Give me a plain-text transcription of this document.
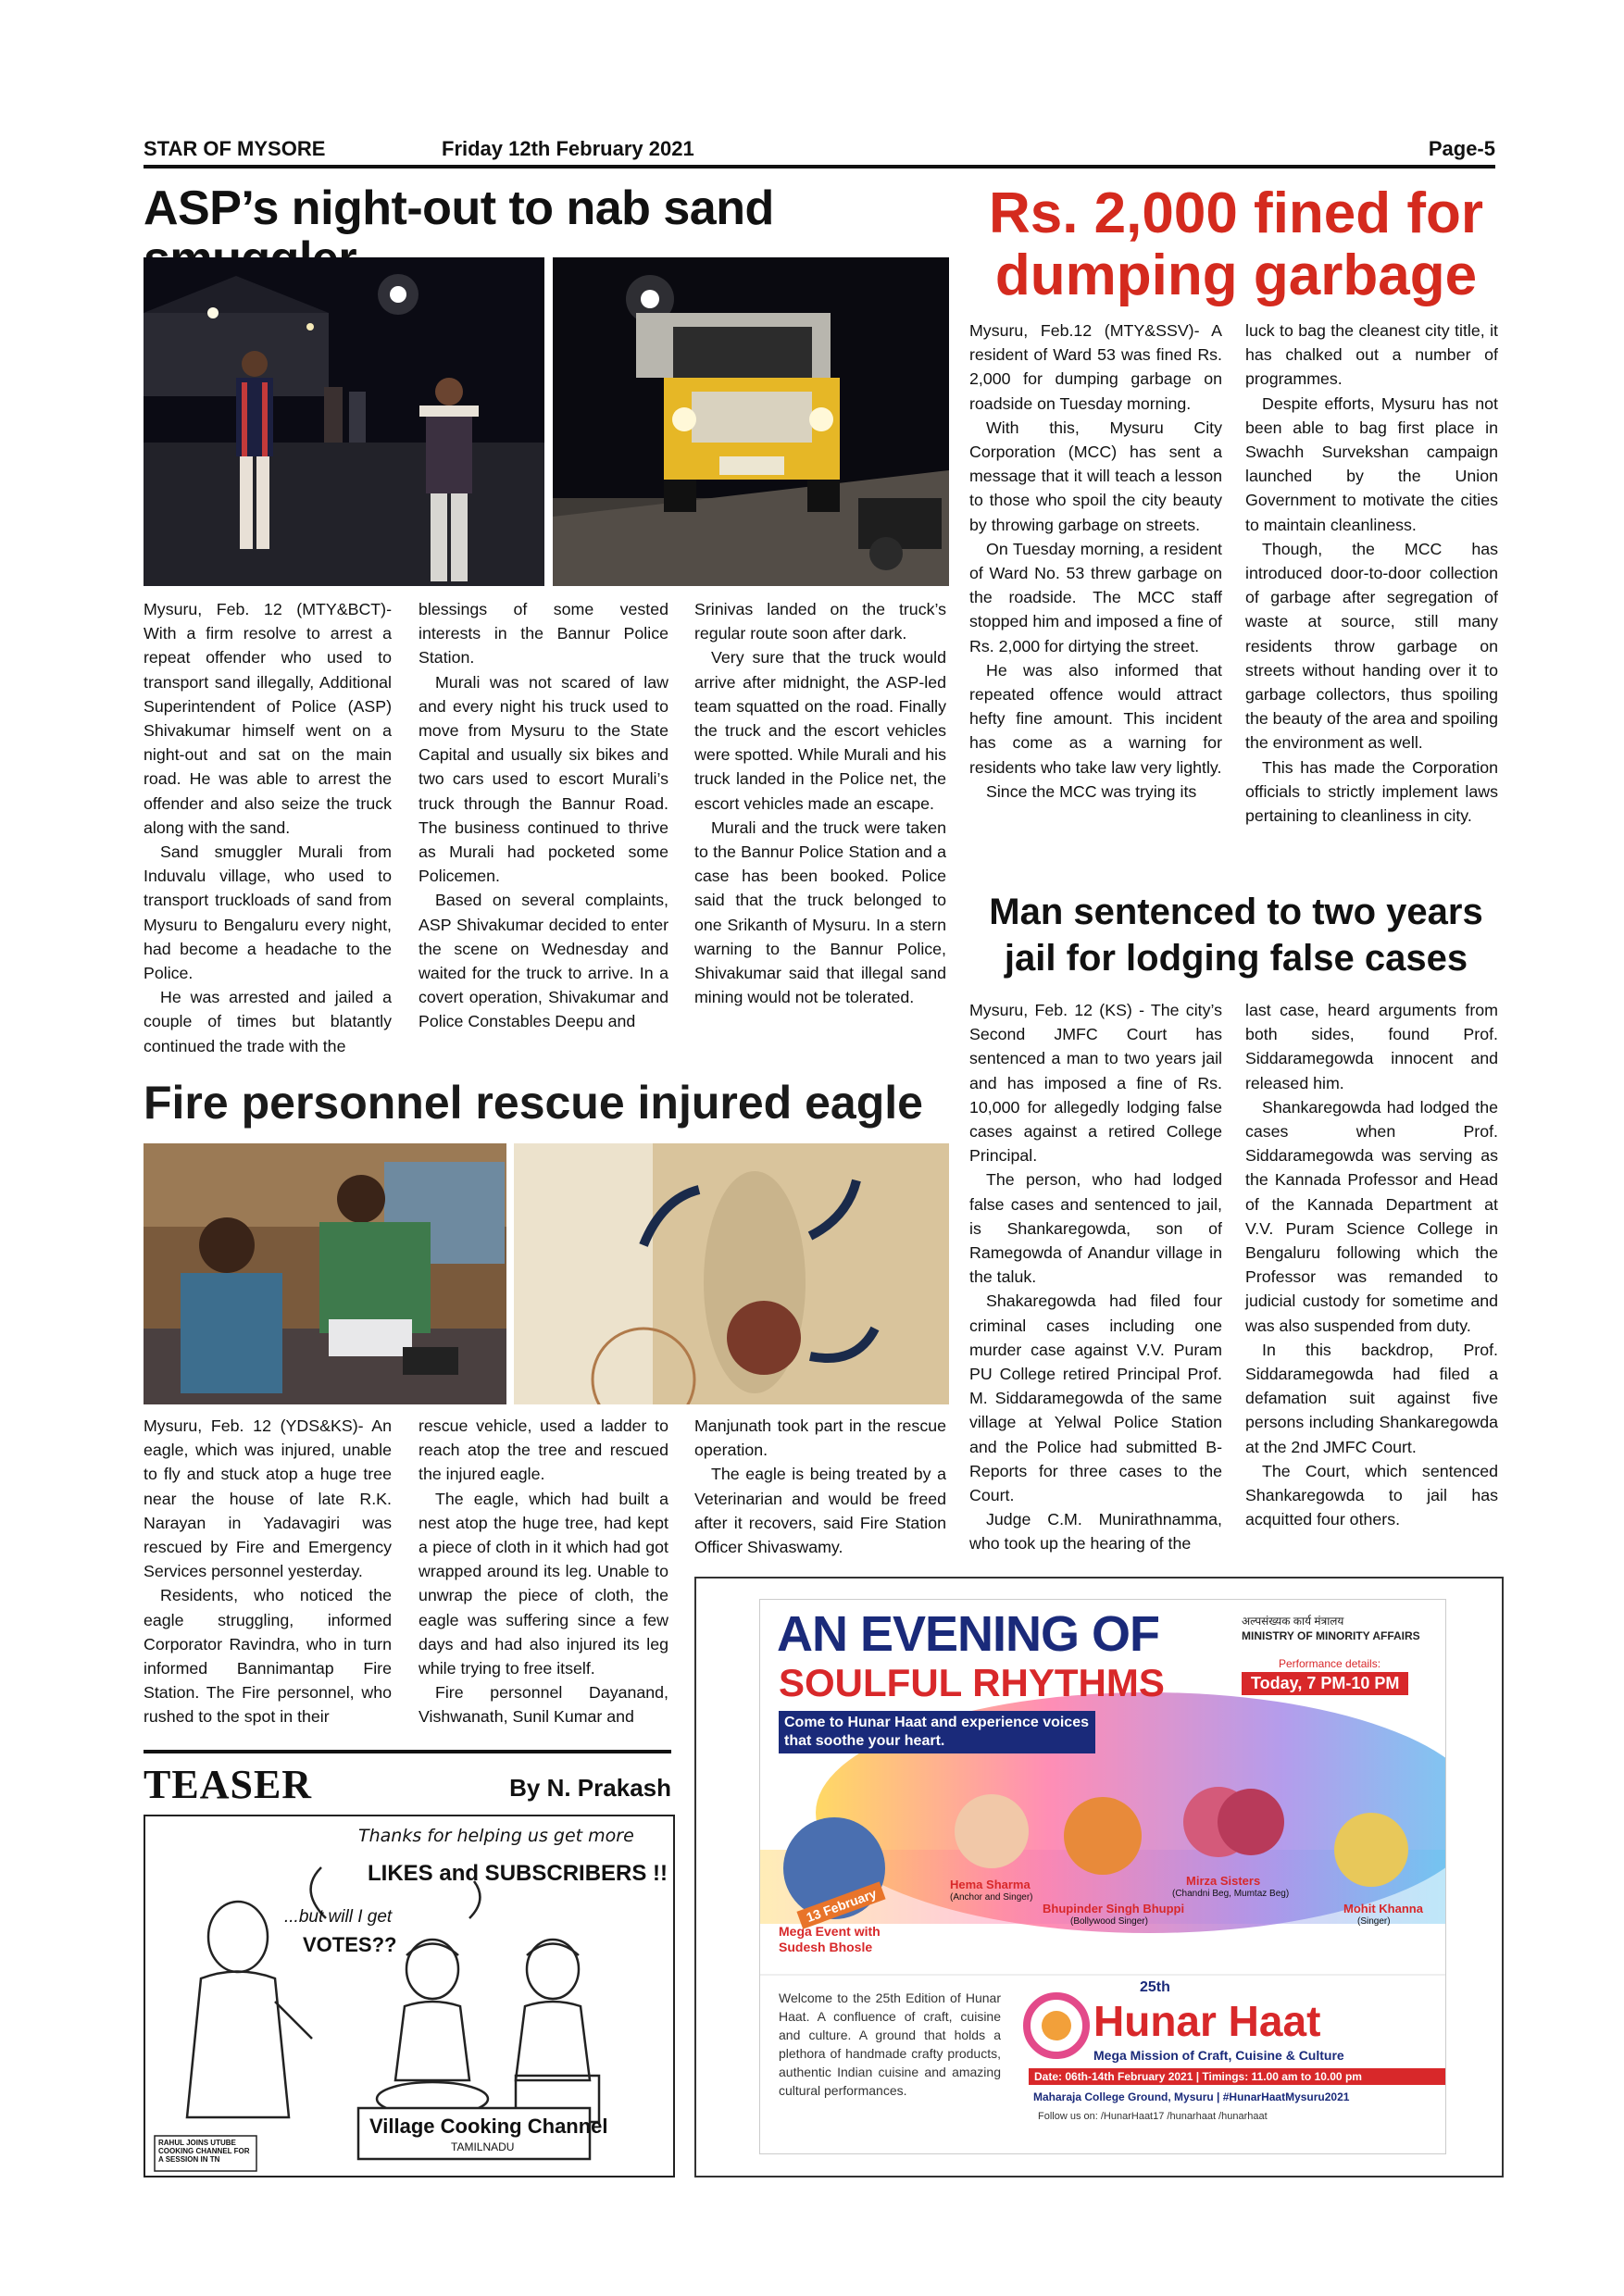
STAR OF MYSORE	Friday 12th February 2021	Page-5
ASP’s night-out to nab sand

Mysuru, Feb. 12 (MTY&BCT)- With a firm resolve to arrest a repeat offender who used to transport sand illegally, Additional Superintendent of Police (ASP) Shivakumar himself went on a night-out and sat on the main road. He was able to arrest the offender and also seize the truck along with the sand.

Sand smuggler Murali from Induvalu village, who used to transport truckloads of sand from Mysuru to Bengaluru every night, had become a headache to the Police.

He was arrested and jailed a couple of times but blatantly continued the trade with the

blessings of some vested interests in the Bannur Police Station.

Murali was not scared of law and every night his truck used to move from Mysuru to the State Capital and usually six bikes and two cars used to escort Murali’s truck through the Bannur Road. The business continued to thrive as Murali had pocketed some Policemen.

Based on several complaints, ASP Shivakumar decided to enter the scene on Wednesday and waited for the truck to arrive. In a covert operation, Shivakumar and Police Constables Deepu and

Srinivas landed on the truck’s regular route soon after dark.

Very sure that the truck would arrive after midnight, the ASP-led team squatted on the road. Finally the truck and the escort vehicles were spotted. While Murali and his truck landed in the Police net, the escort vehicles made an escape.

Murali and the truck were taken to the Bannur Police Station and a case has been booked. Police said that the truck belonged to one Srikanth of Mysuru. In a stern warning to the Bannur Police, Shivakumar said that illegal sand mining would not be tolerated.

Rs. 2,000 fined for dumping garbage

Mysuru, Feb.12 (MTY&SSV)- A resident of Ward 53 was fined Rs. 2,000 for dumping garbage on roadside on Tuesday morning.

With this, Mysuru City Corporation (MCC) has sent a message that it will teach a lesson to those who spoil the city beauty by throwing garbage on streets.

On Tuesday morning, a resident of Ward No. 53 threw garbage on the roadside. The MCC staff stopped him and imposed a fine of Rs. 2,000 for dirtying the street.

He was also informed that repeated offence would attract hefty fine amount. This incident has come as a warning for residents who take law very lightly.

Since the MCC was trying its

luck to bag the cleanest city title, it has chalked out a number of programmes.

Despite efforts, Mysuru has not been able to bag first place in Swachh Survekshan campaign launched by the Union Government to motivate the cities to maintain cleanliness.

Though, the MCC has introduced door-to-door collection of garbage after segregation of waste at source, still many residents throw garbage on streets without handing over it to garbage collectors, thus spoiling the beauty of the area and spoiling the environment as well.

This has made the Corporation officials to strictly implement laws pertaining to cleanliness in city.

Man sentenced to two years jail for lodging false cases

Mysuru, Feb. 12 (KS) - The city’s Second JMFC Court has sentenced a man to two years jail and has imposed a fine of Rs. 10,000 for allegedly lodging false cases against a retired College Principal.

The person, who had lodged false cases and sentenced to jail, is Shankaregowda, son of Ramegowda of Anandur village in the taluk.

Shakaregowda had filed four criminal cases including one murder case against V.V. Puram PU College retired Principal Prof. M. Siddaramegowda of the same village at Yelwal Police Station and the Police had submitted B-Reports for three cases to the Court.

Judge C.M. Munirathnamma, who took up the hearing of the

last case, heard arguments from both sides, found Prof. Siddaramegowda innocent and released him.

Shankaregowda had lodged the cases when Prof. Siddaramegowda was serving as the Kannada Professor and Head of the Kannada Department at V.V. Puram Science College in Bengaluru following which the Professor was remanded to judicial custody for sometime and was also suspended from duty.

In this backdrop, Prof. Siddaramegowda had filed a defamation suit against five persons including Shankaregowda at the 2nd JMFC Court.

The Court, which sentenced Shankaregowda to jail has acquitted four others.

Fire personnel rescue injured eagle

Mysuru, Feb. 12 (YDS&KS)- An eagle, which was injured, unable to fly and stuck atop a huge tree near the house of late R.K. Narayan in Yadavagiri was rescued by Fire and Emergency Services personnel yesterday.

Residents, who noticed the eagle struggling, informed Corporator Ravindra, who in turn informed Bannimantap Fire Station. The Fire personnel, who rushed to the spot in their

rescue vehicle, used a ladder to reach atop the tree and rescued the injured eagle.

The eagle, which had built a nest atop the huge tree, had kept a piece of cloth in it which had got wrapped around its leg. Unable to unwrap the piece of cloth, the eagle was suffering since a few days and had also injured its leg while trying to free itself.

Fire personnel Dayanand, Vishwanath, Sunil Kumar and

Manjunath took part in the rescue operation.

The eagle is being treated by a Veterinarian and would be freed after it recovers, said Fire Station Officer Shivaswamy.

TEASER	By N. Prakash
Thanks for helping us get more
LIKES and SUBSCRIBERS !!
...but will I get
VOTES??
Village Cooking Channel
TAMILNADU
RAHUL JOINS UTUBE COOKING CHANNEL FOR A SESSION IN TN
AN EVENING OF
SOULFUL RHYTHMS
अल्पसंख्यक कार्य मंत्रालय
MINISTRY OF MINORITY AFFAIRS
Performance details:
Today, 7 PM-10 PM
Come to Hunar Haat and experience voices that soothe your heart.
13 February
Mega Event with Sudesh Bhosle
Hema Sharma
(Anchor and Singer)
Mirza Sisters
(Chandni Beg, Mumtaz Beg)
Bhupinder Singh Bhuppi
(Bollywood Singer)
Mohit Khanna
(Singer)
Welcome to the 25th Edition of Hunar Haat. A confluence of craft, cuisine and culture. A ground that holds a plethora of handmade crafty products, authentic Indian cuisine and amazing cultural performances.
25th
Hunar Haat
Mega Mission of Craft, Cuisine & Culture
Date: 06th-14th February 2021 | Timings: 11.00 am to 10.00 pm
Maharaja College Ground, Mysuru | #HunarHaatMysuru2021
Follow us on: /HunarHaat17 /hunarhaat /hunarhaat
